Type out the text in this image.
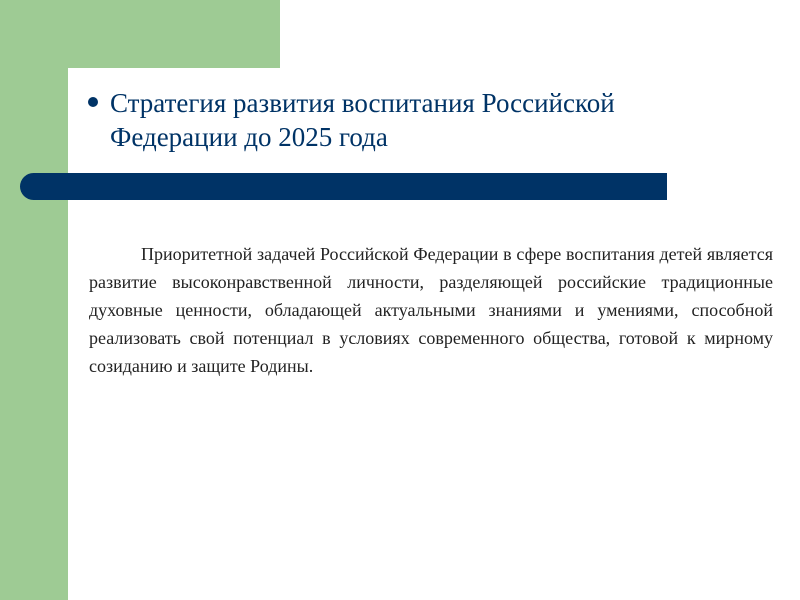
Стратегия развития воспитания Российской Федерации до 2025 года

Приоритетной задачей Российской Федерации в сфере воспитания детей является развитие высоконравственной личности, разделяющей российские традиционные духовные ценности, обладающей актуальными знаниями и умениями, способной реализовать свой потенциал в условиях современного общества, готовой к мирному созиданию и защите Родины.
